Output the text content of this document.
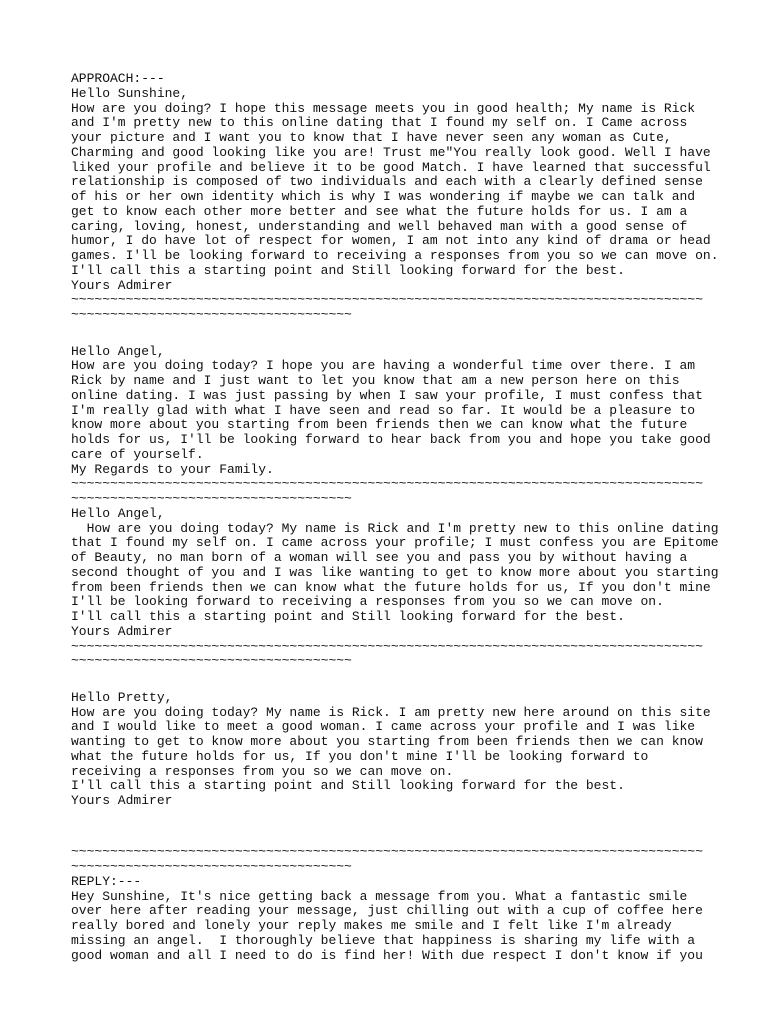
APPROACH:---
Hello Sunshine,
How are you doing? I hope this message meets you in good health; My name is Rick
and I'm pretty new to this online dating that I found my self on. I Came across
your picture and I want you to know that I have never seen any woman as Cute,
Charming and good looking like you are! Trust me"You really look good. Well I have
liked your profile and believe it to be good Match. I have learned that successful
relationship is composed of two individuals and each with a clearly defined sense
of his or her own identity which is why I was wondering if maybe we can talk and
get to know each other more better and see what the future holds for us. I am a
caring, loving, honest, understanding and well behaved man with a good sense of
humor, I do have lot of respect for women, I am not into any kind of drama or head
games. I'll be looking forward to receiving a responses from you so we can move on.
I'll call this a starting point and Still looking forward for the best.
Yours Admirer
~~~~~~~~~~~~~~~~~~~~~~~~~~~~~~~~~~~~~~~~~~~~~~~~~~~~~~~~~~~~~~~~~~~~~~~~~~~~~~~~~
~~~~~~~~~~~~~~~~~~~~~~~~~~~~~~~~~~~~
Hello Angel,
How are you doing today? I hope you are having a wonderful time over there. I am
Rick by name and I just want to let you know that am a new person here on this
online dating. I was just passing by when I saw your profile, I must confess that
I'm really glad with what I have seen and read so far. It would be a pleasure to
know more about you starting from been friends then we can know what the future
holds for us, I'll be looking forward to hear back from you and hope you take good
care of yourself.
My Regards to your Family.
~~~~~~~~~~~~~~~~~~~~~~~~~~~~~~~~~~~~~~~~~~~~~~~~~~~~~~~~~~~~~~~~~~~~~~~~~~~~~~~~~
~~~~~~~~~~~~~~~~~~~~~~~~~~~~~~~~~~~~
Hello Angel,
How are you doing today? My name is Rick and I'm pretty new to this online dating
that I found my self on. I came across your profile; I must confess you are Epitome
of Beauty, no man born of a woman will see you and pass you by without having a
second thought of you and I was like wanting to get to know more about you starting
from been friends then we can know what the future holds for us, If you don't mine
I'll be looking forward to receiving a responses from you so we can move on.
I'll call this a starting point and Still looking forward for the best.
Yours Admirer
~~~~~~~~~~~~~~~~~~~~~~~~~~~~~~~~~~~~~~~~~~~~~~~~~~~~~~~~~~~~~~~~~~~~~~~~~~~~~~~~~
~~~~~~~~~~~~~~~~~~~~~~~~~~~~~~~~~~~~
Hello Pretty,
How are you doing today? My name is Rick. I am pretty new here around on this site
and I would like to meet a good woman. I came across your profile and I was like
wanting to get to know more about you starting from been friends then we can know
what the future holds for us, If you don't mine I'll be looking forward to
receiving a responses from you so we can move on.
I'll call this a starting point and Still looking forward for the best.
Yours Admirer
~~~~~~~~~~~~~~~~~~~~~~~~~~~~~~~~~~~~~~~~~~~~~~~~~~~~~~~~~~~~~~~~~~~~~~~~~~~~~~~~~
~~~~~~~~~~~~~~~~~~~~~~~~~~~~~~~~~~~~
REPLY:---
Hey Sunshine, It's nice getting back a message from you. What a fantastic smile
over here after reading your message, just chilling out with a cup of coffee here
really bored and lonely your reply makes me smile and I felt like I'm already
missing an angel.  I thoroughly believe that happiness is sharing my life with a
good woman and all I need to do is find her! With due respect I don't know if you
